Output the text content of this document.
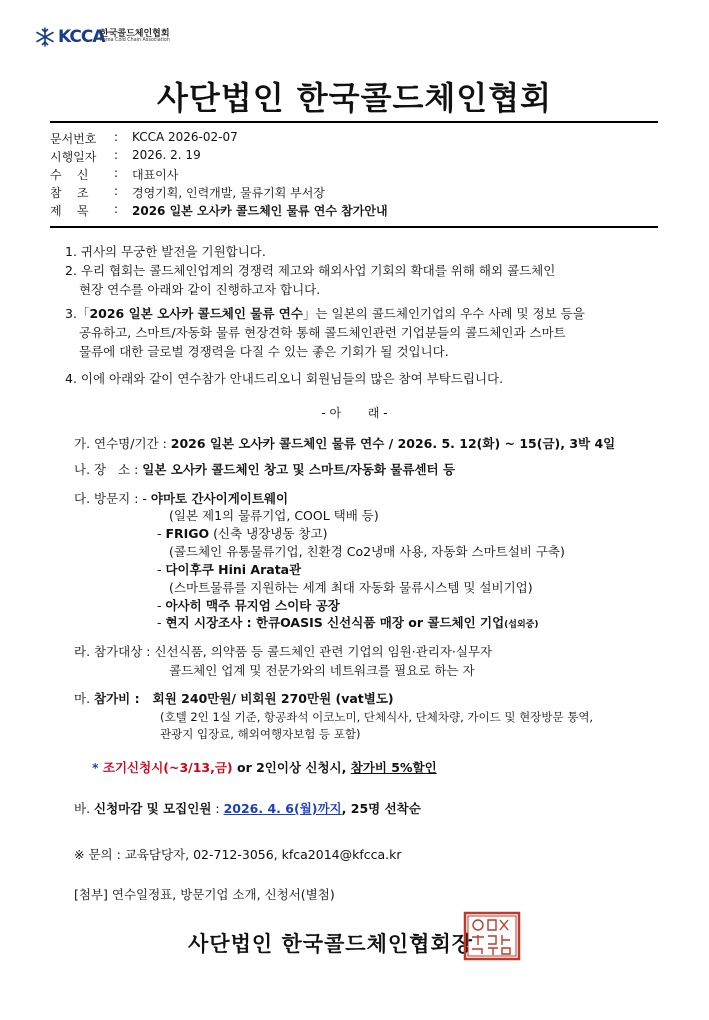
KCCA
한국콜드체인협회
Korea Cold Chain Association
사단법인 한국콜드체인협회
문서번호 : KCCA 2026-02-07
시행일자 : 2026. 2. 19
수    신 : 대표이사
참    조 : 경영기획, 인력개발, 물류기획 부서장
제    목 : 2026 일본 오사카 콜드체인 물류 연수 참가안내
1. 귀사의 무궁한 발전을 기원합니다.
2. 우리 협회는 콜드체인업계의 경쟁력 제고와 해외사업 기회의 확대를 위해 해외 콜드체인
현장 연수를 아래와 같이 진행하고자 합니다.
3.「2026 일본 오사카 콜드체인 물류 연수」는 일본의 콜드체인기업의 우수 사례 및 정보 등을
공유하고, 스마트/자동화 물류 현장견학 통해 콜드체인관련 기업분들의 콜드체인과 스마트
물류에 대한 글로벌 경쟁력을 다질 수 있는 좋은 기회가 될 것입니다.
4. 이에 아래와 같이 연수참가 안내드리오니 회원님들의 많은 참여 부탁드립니다.
- 아       래 -
가. 연수명/기간 : 2026 일본 오사카 콜드체인 물류 연수 / 2026. 5. 12(화) ~ 15(금), 3박 4일
나. 장   소 : 일본 오사카 콜드체인 창고 및 스마트/자동화 물류센터 등
다. 방문지 : - 야마토 간사이게이트웨이
(일본 제1의 물류기업, COOL 택배 등)
- FRIGO (신축 냉장냉동 창고)
(콜드체인 유통물류기업, 친환경 Co2냉매 사용, 자동화 스마트설비 구축)
- 다이후쿠 Hini Arata관
(스마트물류를 지원하는 세계 최대 자동화 물류시스템 및 설비기업)
- 아사히 맥주 뮤지엄 스이타 공장
- 현지 시장조사 : 한큐OASIS 신선식품 매장 or 콜드체인 기업(섭외중)
라. 참가대상 : 신선식품, 의약품 등 콜드체인 관련 기업의 임원·관리자·실무자
콜드체인 업계 및 전문가와의 네트워크를 필요로 하는 자
마. 참가비 :   회원 240만원/ 비회원 270만원 (vat별도)
(호텔 2인 1실 기준, 항공좌석 이코노미, 단체식사, 단체차량, 가이드 및 현장방문 통역,
관광지 입장료, 해외여행자보험 등 포함)
* 조기신청시(~3/13,금) or 2인이상 신청시, 참가비 5%할인
바. 신청마감 및 모집인원 : 2026. 4. 6(월)까지, 25명 선착순
※ 문의 : 교육담당자, 02-712-3056, kfca2014@kfcca.kr
[첨부] 연수일정표, 방문기업 소개, 신청서(별첨)
사단법인 한국콜드체인협회장
